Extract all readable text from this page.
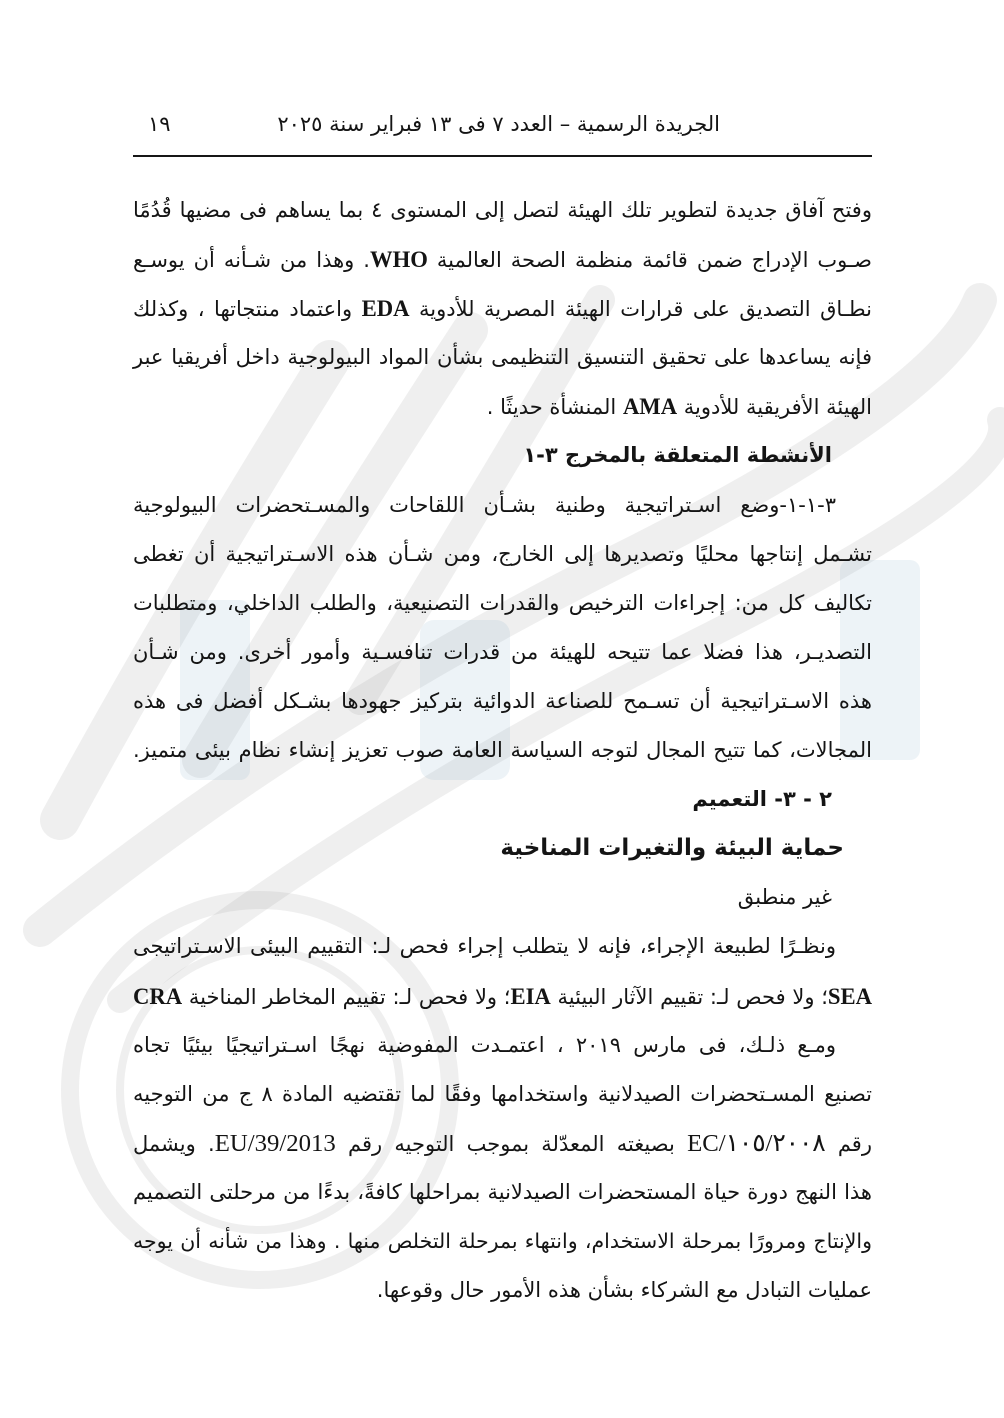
الجريدة الرسمية – العدد ٧ فى ١٣ فبراير سنة ٢٠٢٥
١٩
وفتح آفاق جديدة لتطوير تلك الهيئة لتصل إلى المستوى ٤ بما يساهم فى مضيها قُدُمًا
صـوب الإدراج ضمن قائمة منظمة الصحة العالمية WHO. وهذا من شـأنه أن يوسـع
نطـاق التصديق على قرارات الهيئة المصرية للأدوية EDA واعتماد منتجاتها ، وكذلك
فإنه يساعدها على تحقيق التنسيق التنظيمى بشأن المواد البيولوجية داخل أفريقيا عبر
الهيئة الأفريقية للأدوية AMA المنشأة حديثًا .
الأنشطة المتعلقة بالمخرج ٣-١
٣-١-١-وضع اسـتراتيجية وطنية بشـأن اللقاحات والمسـتحضرات البيولوجية
تشـمل إنتاجها محليًا وتصديرها إلى الخارج، ومن شـأن هذه الاسـتراتيجية أن تغطى
تكاليف كل من: إجراءات الترخيص والقدرات التصنيعية، والطلب الداخلي، ومتطلبات
التصديـر، هذا فضلا عما تتيحه للهيئة من قدرات تنافسـية وأمور أخرى. ومن شـأن
هذه الاسـتراتيجية أن تسـمح للصناعة الدوائية بتركيز جهودها بشـكل أفضل فى هذه
المجالات، كما تتيح المجال لتوجه السياسة العامة صوب تعزيز إنشاء نظام بيئى متميز.
٢ - ٣- التعميم
حماية البيئة والتغيرات المناخية
غير منطبق
ونظـرًا لطبيعة الإجراء، فإنه لا يتطلب إجراء فحص لـ: التقييم البيئى الاسـتراتيجى
SEA؛ ولا فحص لـ: تقييم الآثار البيئية EIA؛ ولا فحص لـ: تقييم المخاطر المناخية CRA
ومـع ذلـك، فى مارس ٢٠١٩ ، اعتمـدت المفوضية نهجًا اسـتراتيجيًا بيئيًا تجاه
تصنيع المسـتحضرات الصيدلانية واستخدامها وفقًا لما تقتضيه المادة ٨ ج من التوجيه
رقم EC/١٠٥/٢٠٠٨ بصيغته المعدّلة بموجب التوجيه رقم EU/39/2013. ويشمل
هذا النهج دورة حياة المستحضرات الصيدلانية بمراحلها كافةً، بدءًا من مرحلتى التصميم
والإنتاج ومرورًا بمرحلة الاستخدام، وانتهاء بمرحلة التخلص منها . وهذا من شأنه أن يوجه
عمليات التبادل مع الشركاء بشأن هذه الأمور حال وقوعها.
